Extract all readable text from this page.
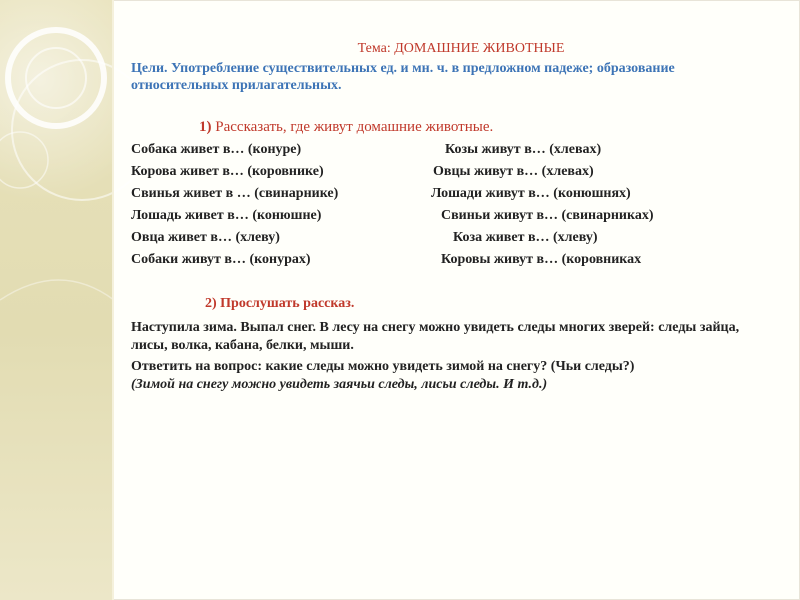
Тема: ДОМАШНИЕ ЖИВОТНЫЕ
Цели. Употребление существительных ед. и мн. ч. в предложном падеже; образование относительных прилагательных.
1) Рассказать, где живут домашние животные.
Собака живет в… (конуре)	Козы живут в… (хлевах)
Корова живет в… (коровнике)	Овцы живут в… (хлевах)
Свинья живет в … (свинарнике)	Лошади живут в… (конюшнях)
Лошадь живет в… (конюшне)	Свиньи живут в… (свинарниках)
Овца живет в… (хлеву)	Коза живет в… (хлеву)
Собаки живут в… (конурах)	Коровы живут в… (коровниках
2) Прослушать рассказ.
Наступила зима. Выпал снег. В лесу на снегу можно увидеть следы многих зверей: следы зайца, лисы, волка, кабана, белки, мыши.
Ответить на вопрос: какие следы можно увидеть зимой на снегу? (Чьи следы?)
(Зимой на снегу можно увидеть заячьи следы, лисьи следы. И т.д.)
